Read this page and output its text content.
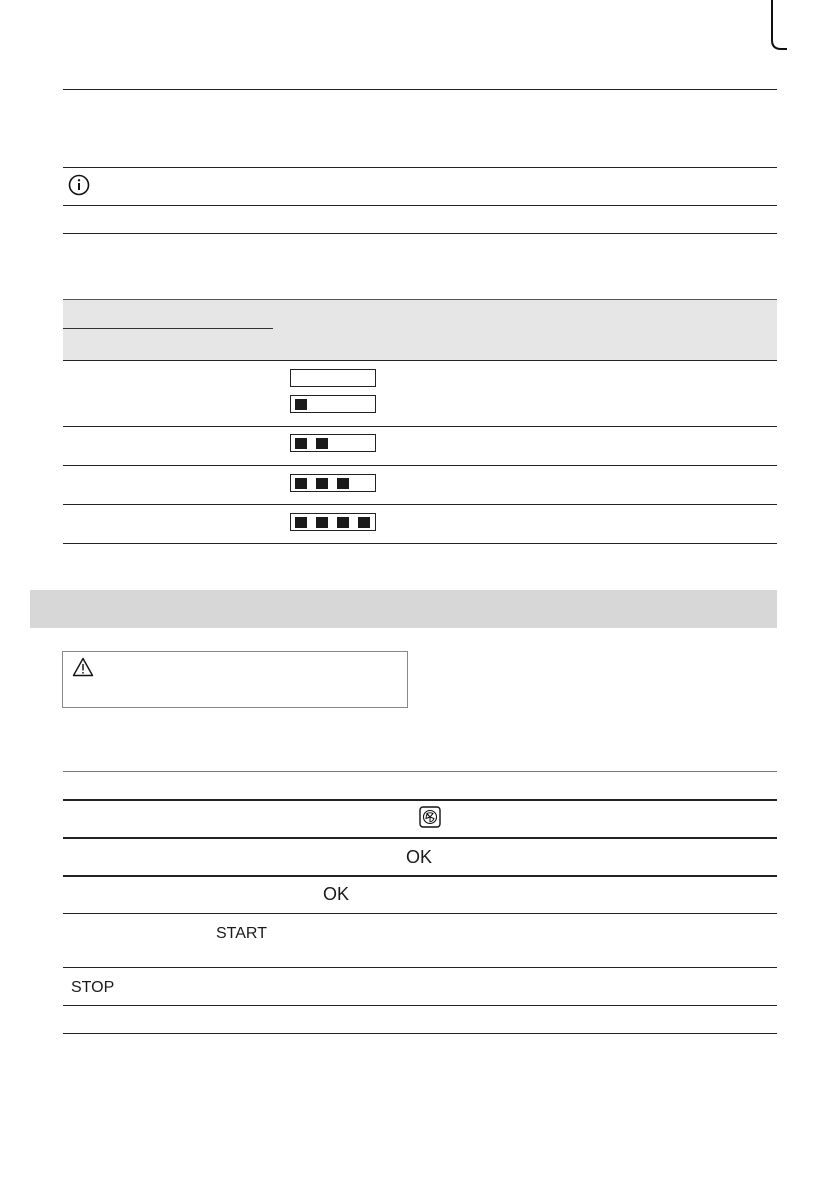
OK
OK
START
STOP
